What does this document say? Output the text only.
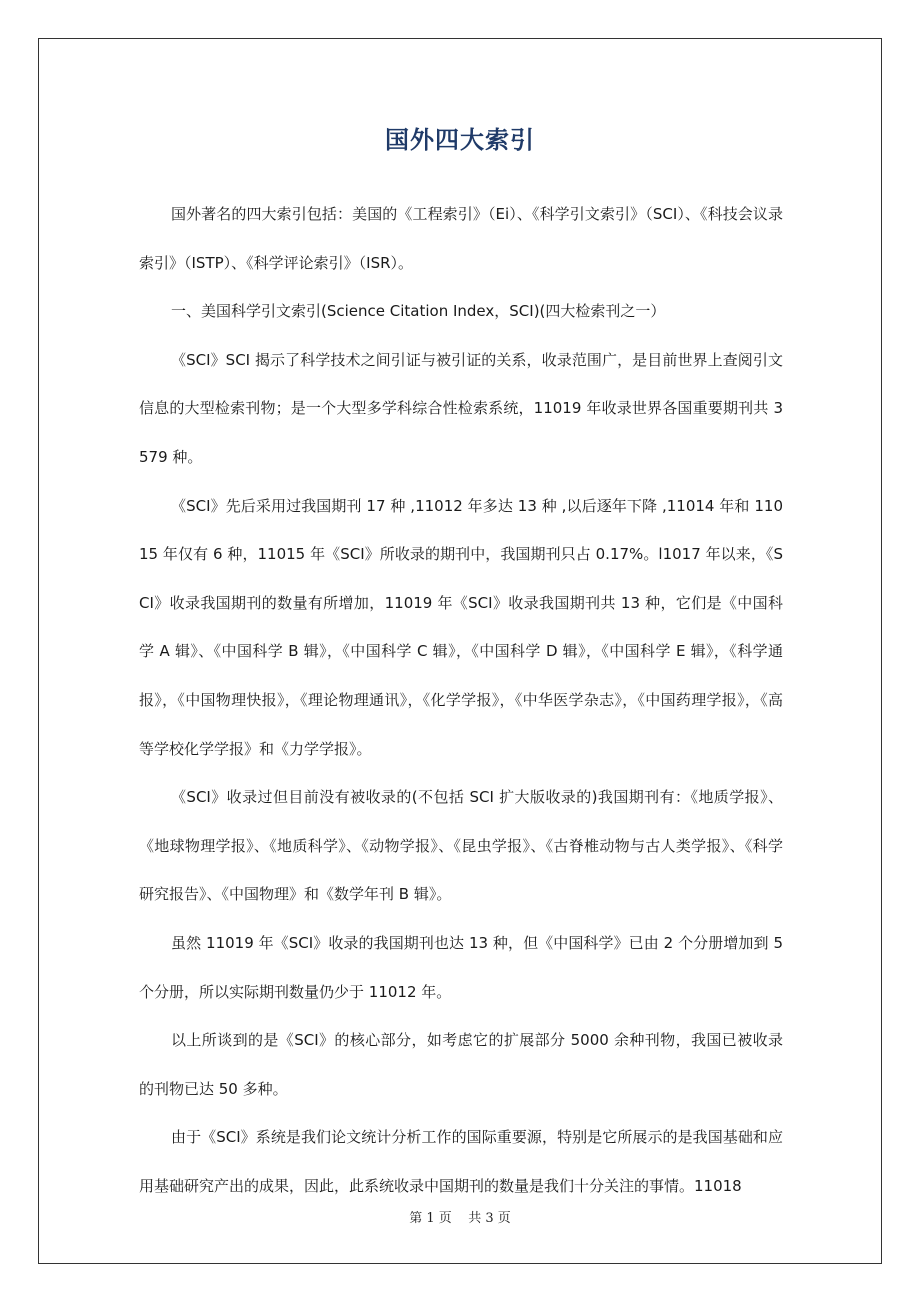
国外四大索引

国外著名的四大索引包括：美国的《工程索引》（Ei）、《科学引文索引》（SCI）、《科技会议录索引》（ISTP）、《科学评论索引》（ISR）。

一、美国科学引文索引(Science Citation Index，SCI)(四大检索刊之一）

《SCI》SCI 揭示了科学技术之间引证与被引证的关系，收录范围广，是目前世界上查阅引文信息的大型检索刊物；是一个大型多学科综合性检索系统，11019 年收录世界各国重要期刊共 3579 种。

《SCI》先后采用过我国期刊 17 种 ,11012 年多达 13 种 ,以后逐年下降 ,11014 年和 11015 年仅有 6 种，11015 年《SCI》所收录的期刊中，我国期刊只占 0.17%。l1017 年以来，《SCI》收录我国期刊的数量有所增加，11019 年《SCI》收录我国期刊共 13 种，它们是《中国科学 A 辑》、《中国科学 B 辑》，《中国科学 C 辑》，《中国科学 D 辑》，《中国科学 E 辑》，《科学通报》，《中国物理快报》，《理论物理通讯》，《化学学报》，《中华医学杂志》，《中国药理学报》，《高等学校化学学报》和《力学学报》。

《SCI》收录过但目前没有被收录的(不包括 SCI 扩大版收录的)我国期刊有：《地质学报》、《地球物理学报》、《地质科学》、《动物学报》、《昆虫学报》、《古脊椎动物与古人类学报》、《科学研究报告》、《中国物理》和《数学年刊 B 辑》。

虽然 11019 年《SCI》收录的我国期刊也达 13 种，但《中国科学》已由 2 个分册增加到 5 个分册，所以实际期刊数量仍少于 11012 年。

以上所谈到的是《SCI》的核心部分，如考虑它的扩展部分 5000 余种刊物，我国已被收录的刊物已达 50 多种。

由于《SCI》系统是我们论文统计分析工作的国际重要源，特别是它所展示的是我国基础和应用基础研究产出的成果，因此，此系统收录中国期刊的数量是我们十分关注的事情。11018

第 1 页 共 3 页
